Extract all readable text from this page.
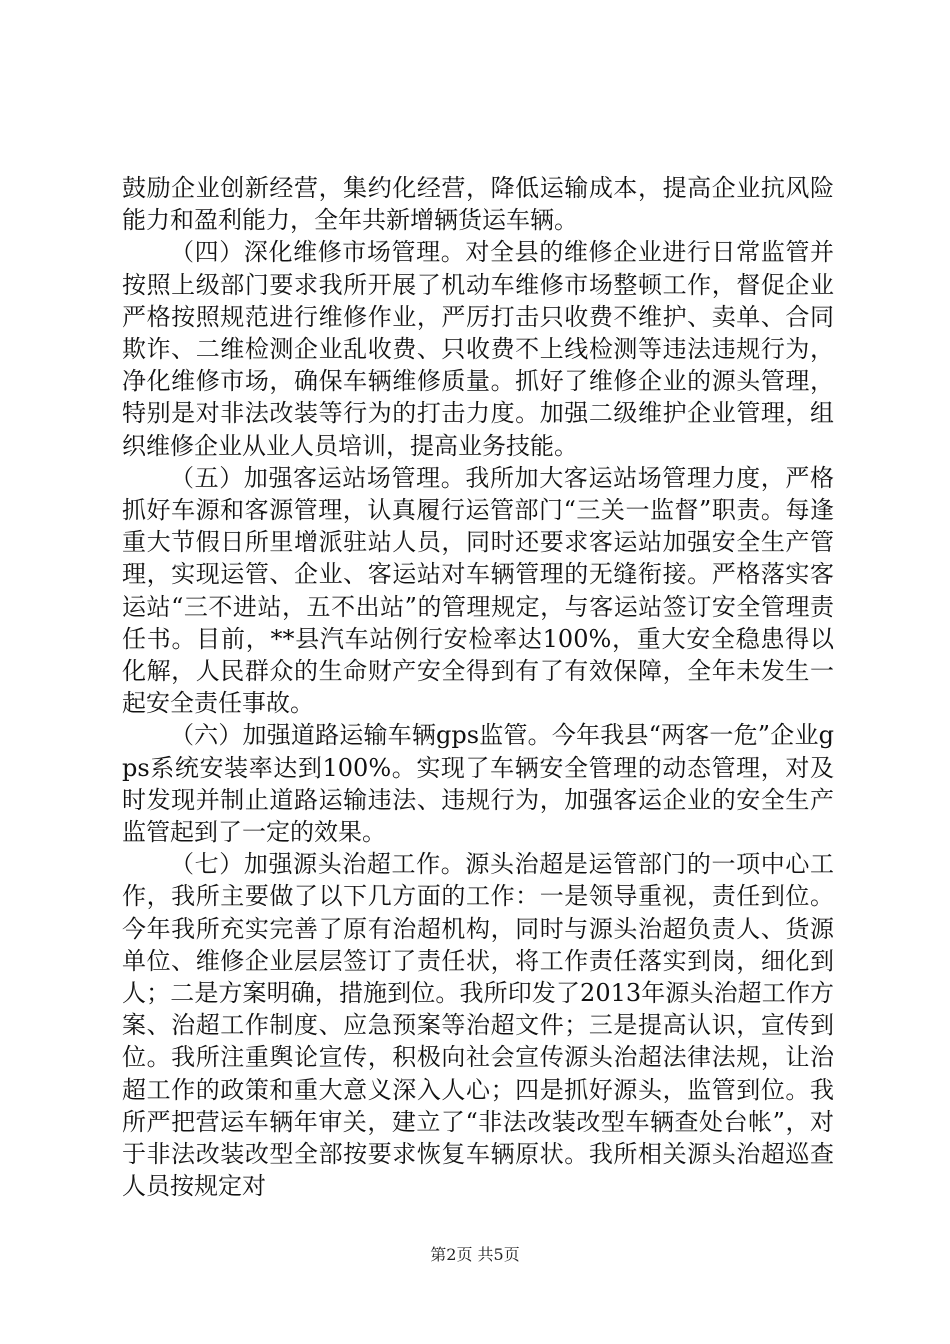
鼓励企业创新经营，集约化经营，降低运输成本，提高企业抗风险能力和盈利能力，全年共新增辆货运车辆。

（四）深化维修市场管理。对全县的维修企业进行日常监管并按照上级部门要求我所开展了机动车维修市场整顿工作，督促企业严格按照规范进行维修作业，严厉打击只收费不维护、卖单、合同欺诈、二维检测企业乱收费、只收费不上线检测等违法违规行为，净化维修市场，确保车辆维修质量。抓好了维修企业的源头管理，特别是对非法改装等行为的打击力度。加强二级维护企业管理，组织维修企业从业人员培训，提高业务技能。

（五）加强客运站场管理。我所加大客运站场管理力度，严格抓好车源和客源管理，认真履行运管部门“三关一监督”职责。每逢重大节假日所里增派驻站人员，同时还要求客运站加强安全生产管理，实现运管、企业、客运站对车辆管理的无缝衔接。严格落实客运站“三不进站，五不出站”的管理规定，与客运站签订安全管理责任书。目前，**县汽车站例行安检率达100%，重大安全稳患得以化解，人民群众的生命财产安全得到有了有效保障，全年未发生一起安全责任事故。

（六）加强道路运输车辆gps监管。今年我县“两客一危”企业gps系统安装率达到100%。实现了车辆安全管理的动态管理，对及时发现并制止道路运输违法、违规行为，加强客运企业的安全生产监管起到了一定的效果。

（七）加强源头治超工作。源头治超是运管部门的一项中心工作，我所主要做了以下几方面的工作：一是领导重视，责任到位。今年我所充实完善了原有治超机构，同时与源头治超负责人、货源单位、维修企业层层签订了责任状，将工作责任落实到岗，细化到人；二是方案明确，措施到位。我所印发了2013年源头治超工作方案、治超工作制度、应急预案等治超文件；三是提高认识，宣传到位。我所注重舆论宣传，积极向社会宣传源头治超法律法规，让治超工作的政策和重大意义深入人心；四是抓好源头，监管到位。我所严把营运车辆年审关，建立了“非法改装改型车辆查处台帐”，对于非法改装改型全部按要求恢复车辆原状。我所相关源头治超巡查人员按规定对

第2页 共5页
